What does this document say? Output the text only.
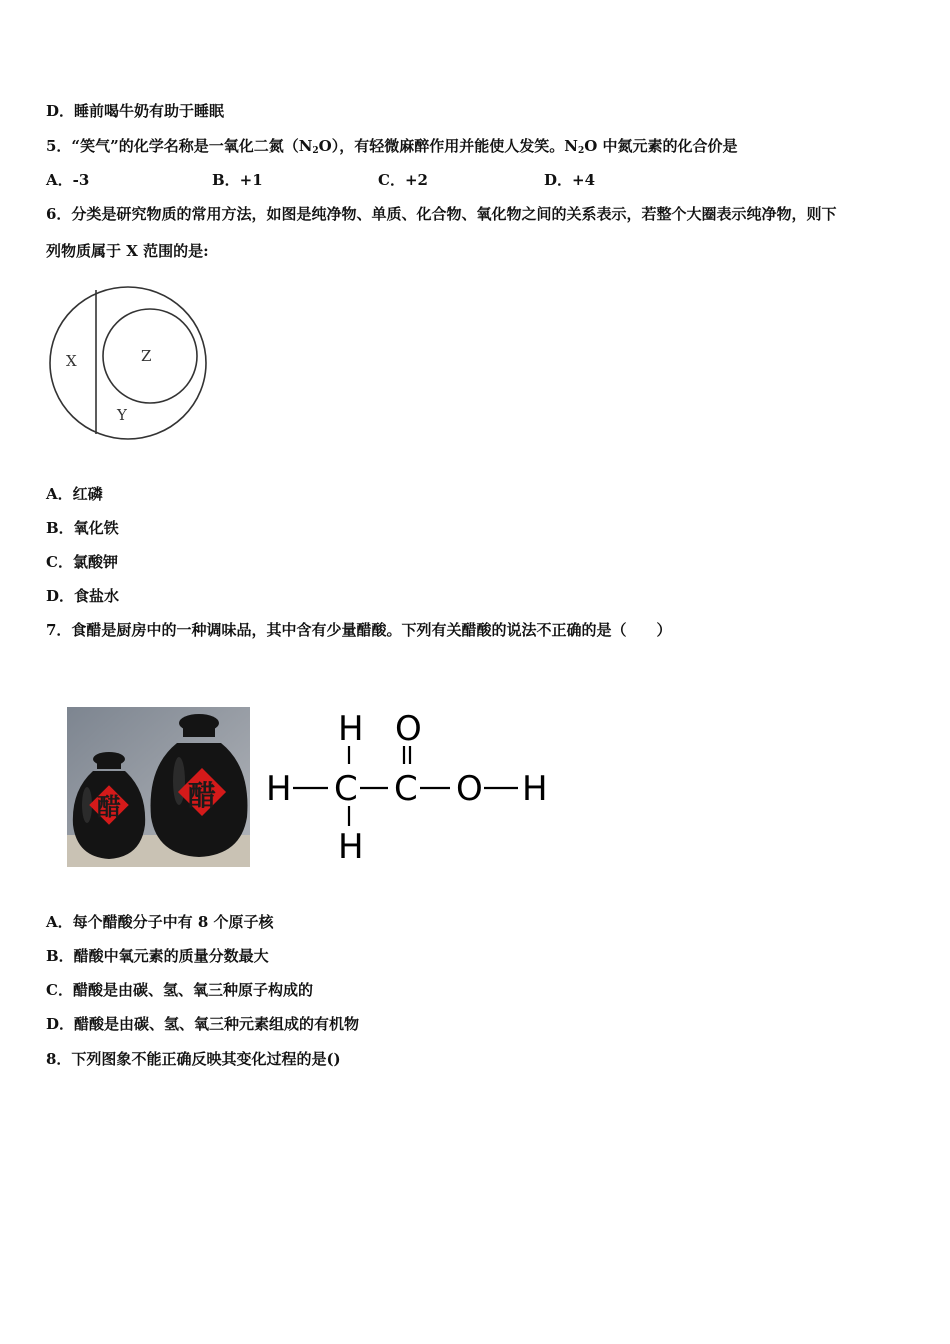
D．睡前喝牛奶有助于睡眠
5．“笑气”的化学名称是一氧化二氮$(N_2O)$，有轻微麻醉作用并能使人发笑。$N_2O$ 中氮元素的化合价是
A．-3	B．+1	C．+2	D．+4
6．分类是研究物质的常用方法，如图是纯净物、单质、化合物、氧化物之间的关系表示，若整个大圈表示纯净物，则下
列物质属于 X 范围的是:
X	Z
Y
A．红磷
B．氧化铁
C．氯酸钾
D．食盐水
7．食醋是厨房中的一种调味品，其中含有少量醋酸。下列有关醋酸的说法不正确的是（　　）
醋
醋
H O
H C C O H
H
A．每个醋酸分子中有 8 个原子核
B．醋酸中氧元素的质量分数最大
C．醋酸是由碳、氢、氧三种原子构成的
D．醋酸是由碳、氢、氧三种元素组成的有机物
8．下列图象不能正确反映其变化过程的是()
